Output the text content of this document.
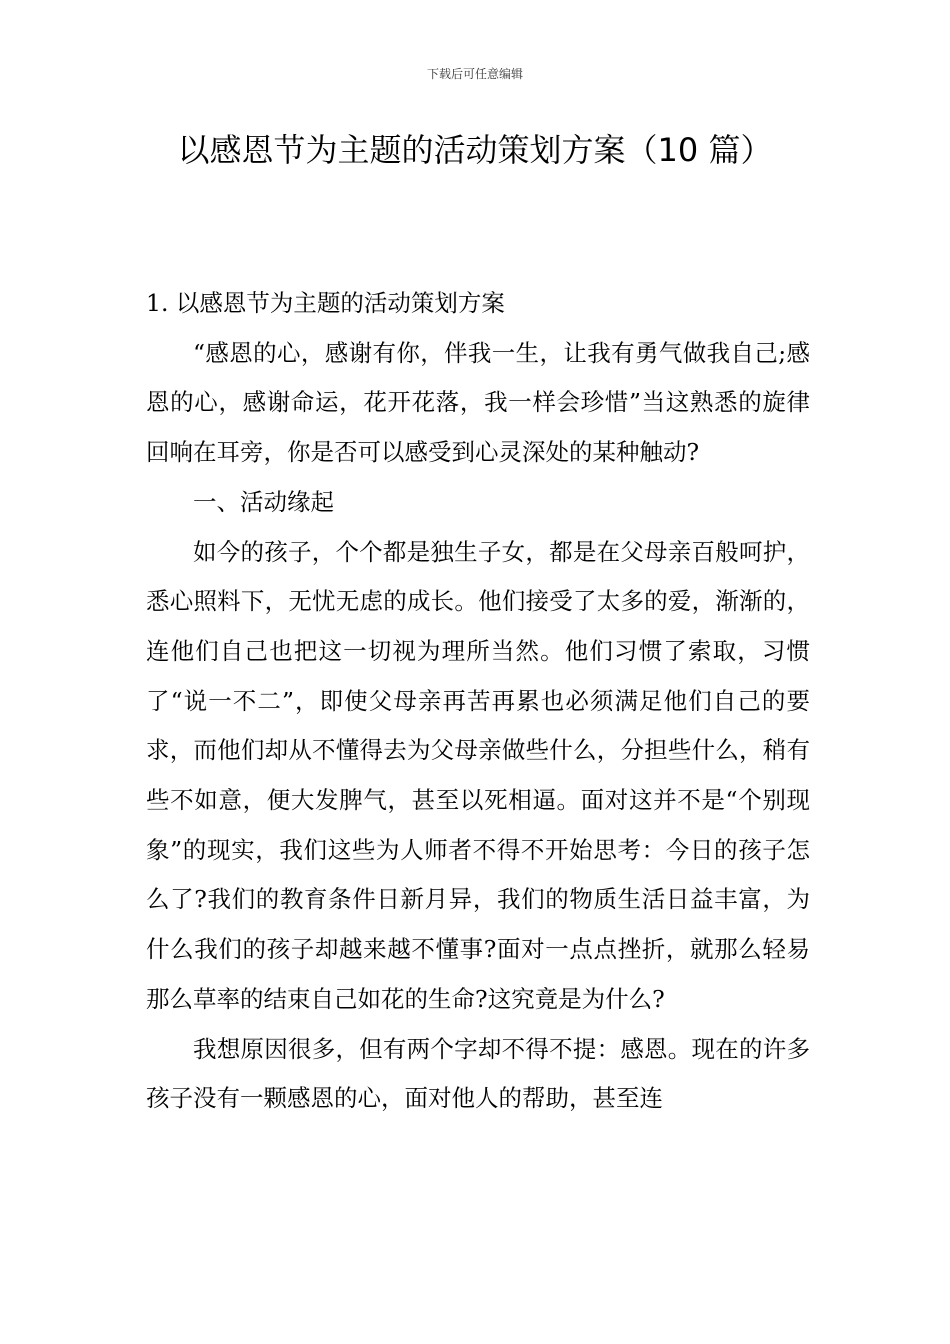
下载后可任意编辑
以感恩节为主题的活动策划方案（10 篇）

1. 以感恩节为主题的活动策划方案

“感恩的心，感谢有你，伴我一生，让我有勇气做我自己;感恩的心，感谢命运，花开花落，我一样会珍惜”当这熟悉的旋律回响在耳旁，你是否可以感受到心灵深处的某种触动?

一、活动缘起

如今的孩子，个个都是独生子女，都是在父母亲百般呵护，悉心照料下，无忧无虑的成长。他们接受了太多的爱，渐渐的，连他们自己也把这一切视为理所当然。他们习惯了索取，习惯了“说一不二”，即使父母亲再苦再累也必须满足他们自己的要求，而他们却从不懂得去为父母亲做些什么，分担些什么，稍有些不如意，便大发脾气，甚至以死相逼。面对这并不是“个别现象”的现实，我们这些为人师者不得不开始思考：今日的孩子怎么了?我们的教育条件日新月异，我们的物质生活日益丰富，为什么我们的孩子却越来越不懂事?面对一点点挫折，就那么轻易那么草率的结束自己如花的生命?这究竟是为什么?

我想原因很多，但有两个字却不得不提：感恩。现在的许多孩子没有一颗感恩的心，面对他人的帮助，甚至连
